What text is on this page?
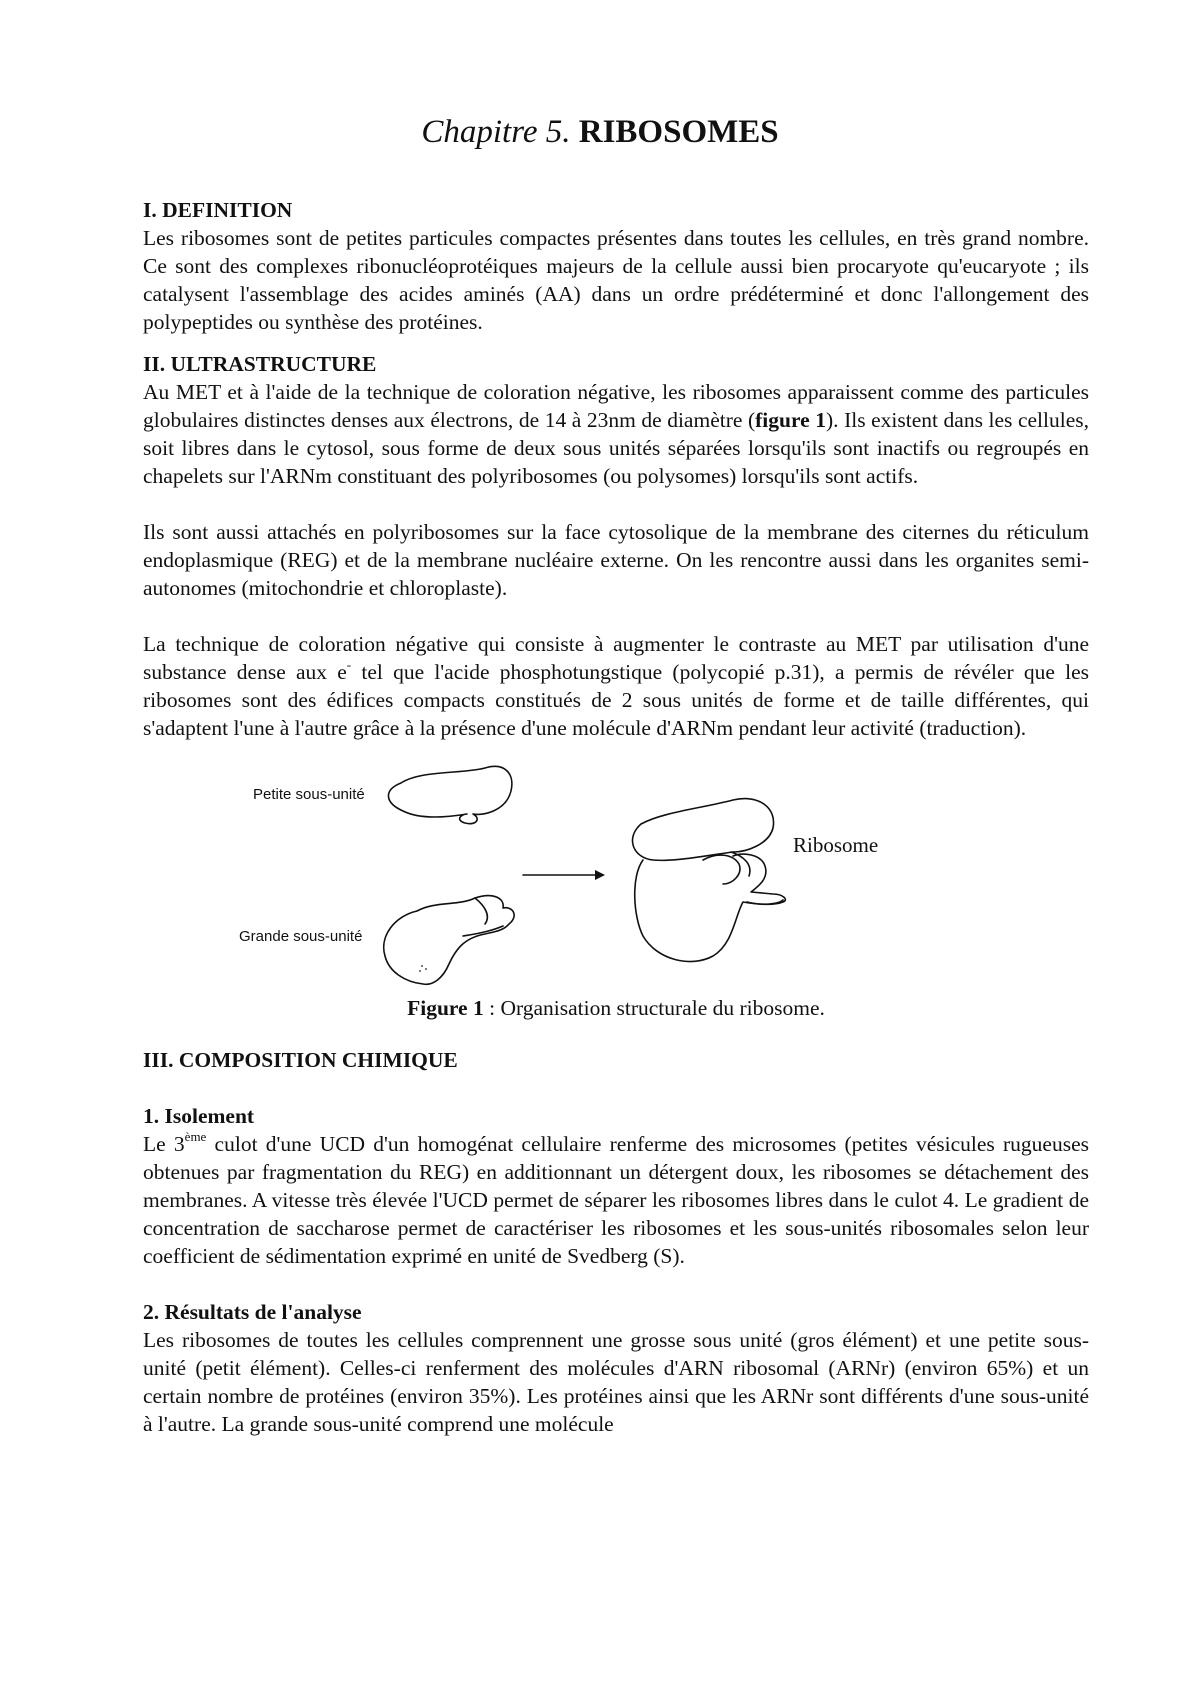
Chapitre 5. RIBOSOMES
I. DEFINITION

Les ribosomes sont de petites particules compactes présentes dans toutes les cellules, en très grand nombre. Ce sont des complexes ribonucléoprotéiques majeurs de la cellule aussi bien procaryote qu'eucaryote ; ils catalysent l'assemblage des acides aminés (AA) dans un ordre prédéterminé et donc l'allongement des polypeptides ou synthèse des protéines.

II. ULTRASTRUCTURE

Au MET et à l'aide de la technique de coloration négative, les ribosomes apparaissent comme des particules globulaires distinctes denses aux électrons, de 14 à 23nm de diamètre (figure 1). Ils existent dans les cellules, soit libres dans le cytosol, sous forme de deux sous unités séparées lorsqu'ils sont inactifs ou regroupés en chapelets sur l'ARNm constituant des polyribosomes (ou polysomes) lorsqu'ils sont actifs.

Ils sont aussi attachés en polyribosomes sur la face cytosolique de la membrane des citernes du réticulum endoplasmique (REG) et de la membrane nucléaire externe. On les rencontre aussi dans les organites semi-autonomes (mitochondrie et chloroplaste).

La technique de coloration négative qui consiste à augmenter le contraste au MET par utilisation d'une substance dense aux e- tel que l'acide phosphotungstique (polycopié p.31), a permis de révéler que les ribosomes sont des édifices compacts constitués de 2 sous unités de forme et de taille différentes, qui s'adaptent l'une à l'autre grâce à la présence d'une molécule d'ARNm pendant leur activité (traduction).

Petite sous-unité
Grande sous-unité
Ribosome
Figure 1 : Organisation structurale du ribosome.
III. COMPOSITION CHIMIQUE
1. Isolement

Le 3ème culot d'une UCD d'un homogénat cellulaire renferme des microsomes (petites vésicules rugueuses obtenues par fragmentation du REG) en additionnant un détergent doux, les ribosomes se détachement des membranes. A vitesse très élevée l'UCD permet de séparer les ribosomes libres dans le culot 4. Le gradient de concentration de saccharose permet de caractériser les ribosomes et les sous-unités ribosomales selon leur coefficient de sédimentation exprimé en unité de Svedberg (S).

2. Résultats de l'analyse

Les ribosomes de toutes les cellules comprennent une grosse sous unité (gros élément) et une petite sous-unité (petit élément). Celles-ci renferment des molécules d'ARN ribosomal (ARNr) (environ 65%) et un certain nombre de protéines (environ 35%). Les protéines ainsi que les ARNr sont différents d'une sous-unité à l'autre. La grande sous-unité comprend une molécule
